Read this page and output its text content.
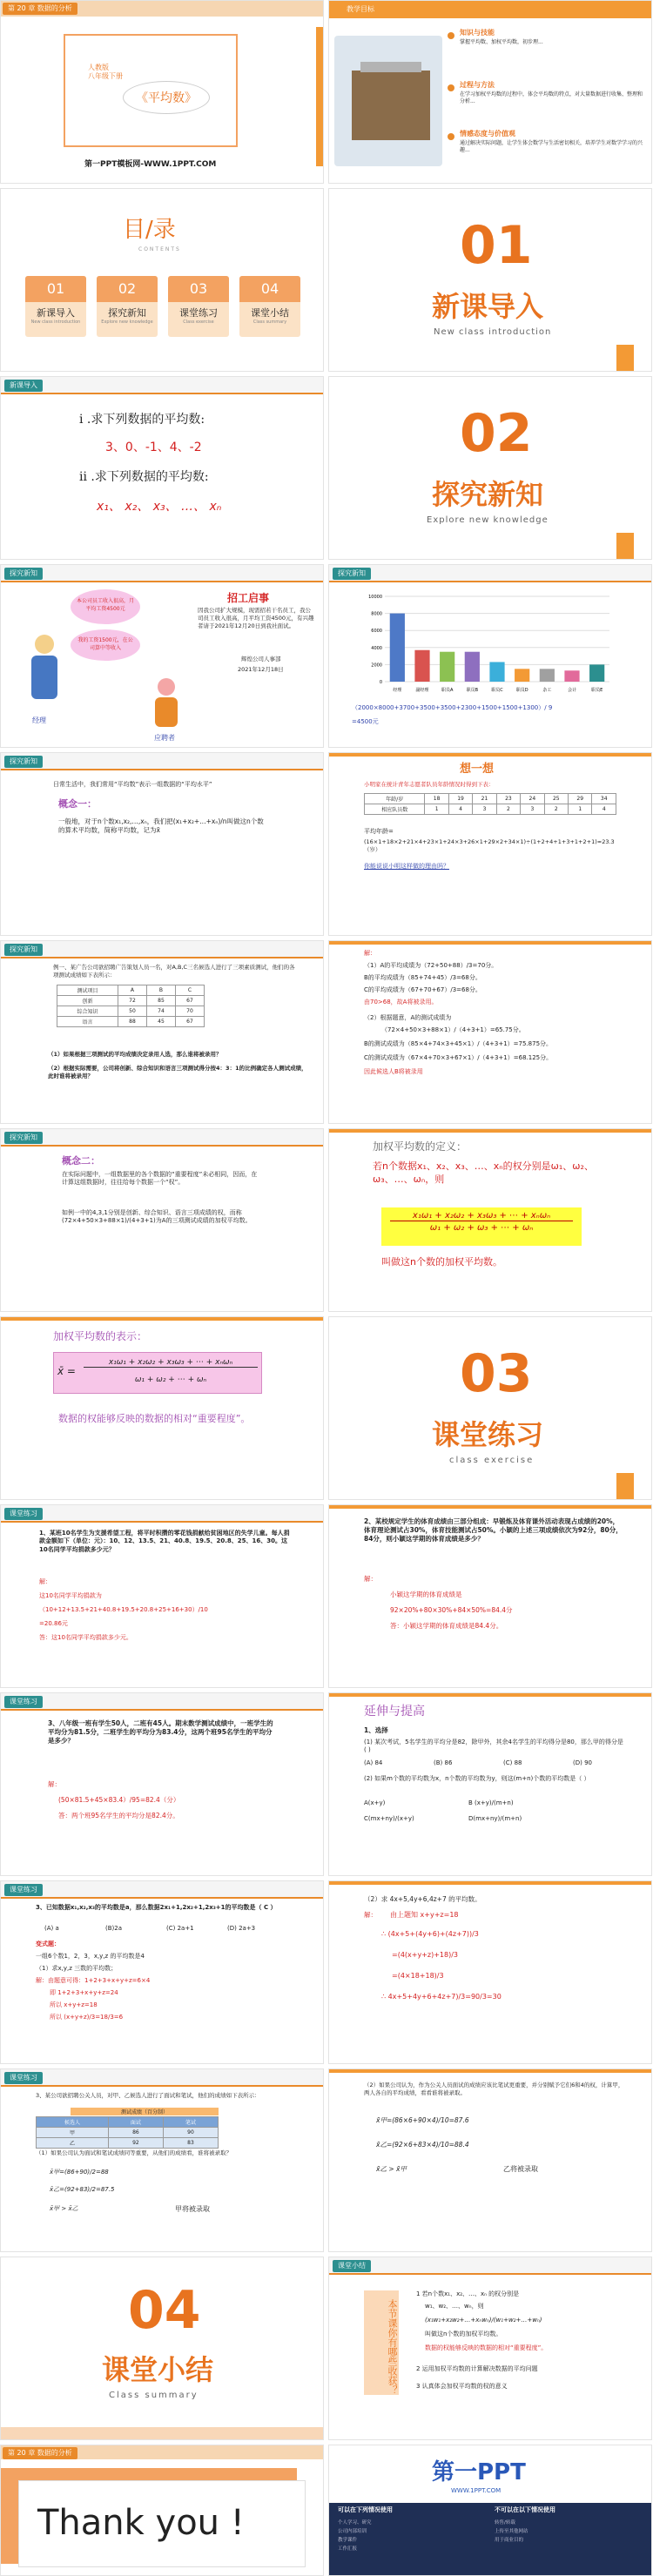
第 20 章 数据的分析
人教版
八年级下册
《平均数》
第一PPT模板网-WWW.1PPT.COM
教学目标
知识与技能
掌握平均数、加权平均数，初步理...
过程与方法
在学习加权平均数的过程中，体会平均数的特点，对大量数据进行收集、整理和分析...
情感态度与价值观
通过解决实际问题，让学生体会数学与生活密切相关，培养学生对数学学习的兴趣...
目/录
CONTENTS
01
新课导入
New class introduction
02
探究新知
Explore new knowledge
03
课堂练习
Class exercise
04
课堂小结
Class summary
01
新课导入
New class introduction
新课导入
i .求下列数据的平均数:
3、0、-1、4、-2
ii .求下列数据的平均数:
x₁、 x₂、 x₃、 …、 xₙ
02
探究新知
Explore new knowledge
探究新知
本公司员工收入很高，月平均工资4500元
我的工资1500元，在公司算中等收入
经理
应聘者
招工启事
因我公司扩大规模，现需招若干名员工，我公司员工收入很高，月平均工资4500元，有兴趣者请于2021年12月20日到我社面试。
辉煌公司人事部
2021年12月18日
探究新知
0
2000
4000
6000
8000
10000
经理	副经理	职员A	职员B	职员C	职员D	杂工	会计	职员E
（2000×8000+3700+3500+3500+2300+1500+1500+1300）/ 9
=4500元
探究新知
日常生活中，我们常用“平均数”表示一组数据的“平均水平”
概念一：
一般地，对于n个数x₁,x₂,…,xₙ，我们把(x₁+x₂+…+xₙ)/n叫做这n个数的算术平均数，简称平均数，记为x̄
想一想
小明家在统计青年志愿者队员年龄情况时得到下表：
年龄/岁	18	19	21	23	24	25	29	34
相应队员数	1	4	3	2	3	2	1	4
平均年龄=
(16×1+18×2+21×4+23×1+24×3+26×1+29×2+34×1)÷(1+2+4+1+3+1+2+1)≈23.3（岁）
你能说说小明这样做的理由吗？
探究新知
例一、某广告公司欲招聘广告策划人员一名，对A,B,C三名候选人进行了三项素质测试，他们的各项测试成绩如下表所示：
测试项目	A	B	C
创新	72	85	67
综合知识	50	74	70
语言	88	45	67
（1）如果根据三项测试的平均成绩决定录用人选，那么谁将被录用？
（2）根据实际需要，公司将创新、综合知识和语言三项测试得分按4：3：1的比例确定各人测试成绩，此时谁将被录用？
解：
（1）A的平均成绩为（72+50+88）/3=70分。
B的平均成绩为（85+74+45）/3=68分。
C的平均成绩为（67+70+67）/3=68分。
由70>68，故A将被录用。
（2）根据题意，A的测试成绩为
（72×4+50×3+88×1）/（4+3+1）=65.75分。
B的测试成绩为（85×4+74×3+45×1）/（4+3+1）=75.875分。
C的测试成绩为（67×4+70×3+67×1）/（4+3+1）=68.125分。
因此候选人B将被录用
探究新知
概念二：
在实际问题中，一组数据里的各个数据的“重要程度”未必相同，因而，在计算这组数据时，往往给每个数据一个“权”。
如例一中的4,3,1分别是创新、综合知识、语言三项成绩的权，而称(72×4+50×3+88×1)/(4+3+1)为A的三项测试成绩的加权平均数。
加权平均数的定义：
若n个数据x₁、x₂、x₃、…、xₙ的权分别是ω₁、ω₂、ω₃、…、ωₙ，则
x₁ω₁ + x₂ω₂ + x₃ω₃ + ⋯ + xₙωₙ
ω₁ + ω₂ + ω₃ + ⋯ + ωₙ
叫做这n个数的加权平均数。
加权平均数的表示：
x̄ =
x₁ω₁ + x₂ω₂ + x₃ω₃ + ⋯ + xₙωₙ
ω₁ + ω₂ + ⋯ + ωₙ
数据的权能够反映的数据的相对“重要程度”。
03
课堂练习
class exercise
课堂练习
1、某班10名学生为支援希望工程，将平时积攒的零花钱捐献给贫困地区的失学儿童。每人捐款金额如下（单位：元）：10、12、13.5、21、40.8、19.5、20.8、25、16、30。这10名同学平均捐款多少元？
解：
这10名同学平均捐款为
（10+12+13.5+21+40.8+19.5+20.8+25+16+30）/10
=20.86元
答：这10名同学平均捐款多少元。
2、某校规定学生的体育成绩由三部分组成：早锻炼及体育课外活动表现占成绩的20%，体育理论测试占30%，体育技能测试占50%。小颖的上述三项成绩依次为92分，80分，84分，则小颖这学期的体育成绩是多少？
解：
小颖这学期的体育成绩是
92×20%+80×30%+84×50%=84.4分
答：小颖这学期的体育成绩是84.4分。
课堂练习
3、八年级一班有学生50人，二班有45人。期末数学测试成绩中，一班学生的平均分为81.5分，二班学生的平均分为83.4分，这两个班95名学生的平均分是多少？
解：
(50×81.5+45×83.4）/95=82.4（分）
答：两个班95名学生的平均分是82.4分。
延伸与提高
1、选择
(1) 某次考试，5名学生的平均分是82，除甲外，其余4名学生的平均得分是80，那么甲的得分是( )
(A) 84	(B) 86	(C) 88	(D) 90
(2) 如果m个数的平均数为x，n个数的平均数为y，则这(m+n)个数的平均数是（ ）
A(x+y)	B (x+y)/(m+n)
C(mx+ny)/(x+y)	D(mx+ny)/(m+n)
课堂练习
3、已知数据x₁,x₂,x₃的平均数是a，那么数据2x₁+1,2x₂+1,2x₃+1的平均数是（ C ）
(A) a	(B)2a	(C) 2a+1	(D) 2a+3
变式题：
一组6个数1，2，3，x,y,z 的平均数是4
（1）求x,y,z 三数的平均数；
解：由题意可得：1+2+3+x+y+z=6×4
即 1+2+3+x+y+z=24
所以 x+y+z=18
所以 (x+y+z)/3=18/3=6
（2）求 4x+5,4y+6,4z+7 的平均数。
解： 由上题知 x+y+z=18
∴ (4x+5+(4y+6)+(4z+7))/3
=(4(x+y+z)+18)/3
=(4×18+18)/3
∴ 4x+5+4y+6+4z+7)/3=90/3=30
课堂练习
3、某公司欲招聘公关人员，对甲、乙候选人进行了面试和笔试，他们的成绩如下表所示：
测试成绩（百分制）
候选人	面试	笔试
甲	86	90
乙	92	83
（1）如果公司认为面试和笔试成绩同等重要，从他们的成绩看，谁将被录取？
x̄甲=(86+90)/2=88
x̄乙=(92+83)/2=87.5
x̄甲 > x̄乙	甲将被录取
（2）如果公司认为，作为公关人员面试的成绩应该比笔试更重要，并分别赋予它们6和4的权，计算甲，两人各自的平均成绩，看看谁将被录取。
x̄甲=(86×6+90×4)/10=87.6
x̄乙=(92×6+83×4)/10=88.4
x̄乙 > x̄甲	乙将被录取
04
课堂小结
Class summary
课堂小结
本节课你有哪些收获？
1 若n个数x₁、x₂、…、xₙ 的权分别是
w₁、w₂、…、wₙ，则
(x₁w₁+x₂w₂+…+xₙwₙ)/(w₁+w₂+…+wₙ)
叫做这n个数的加权平均数。
数据的权能够反映的数据的相对“重要程度”。
2 运用加权平均数的计算解决数据的平均问题
3 认真体会加权平均数的权的意义
第 20 章 数据的分析
Thank you !
第一PPT
WWW.1PPT.COM
可以在下列情况使用	不可以在以下情况使用
个人学习、研究
公司内部培训
教学课件
工作汇报
转售/转载
上传至其他网站
用于商业目的
